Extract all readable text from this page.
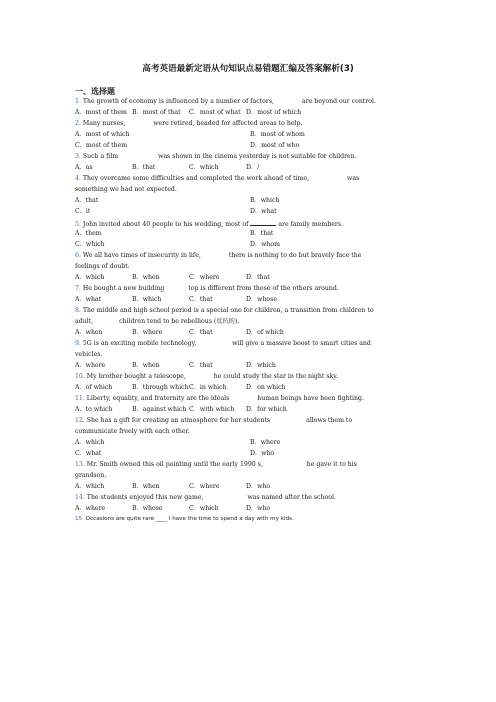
高考英语最新定语从句知识点易错题汇编及答案解析(3)
一、选择题
1. The growth of economy is influenced by a number of factors,	are beyond our control.
A．most of them B．most of that C．most of what D．most of which
2. Many nurses,	were retired, headed for affected areas to help.
A．most of which	B．most of whom
C．most of them	D．most of who
3. Such a film	was shown in the cinema yesterday is not suitable for children.
A．as	B．that	C．which	D．/
4. They overcame some difficulties and completed the work ahead of time,	was
something we had not expected.
A．that	B．which
C．it	D．what
5. John invited about 40 people to his wedding, most of	are family members.
A．them	B．that
C．which	D．whom
6. We all have times of insecurity in life,	there is nothing to do but bravely face the
feelings of doubt.
A．which	B．when	C．where	D．that
7. He bought a new building	top is different from those of the others around.
A．what	B．which	C．that	D．whose
8. The middle and high school period is a special one for children, a transition from children to
adult,	children tend to be rebellious (反抗的).
A．when	B．where	C．that	D．of which
9. 5G is an exciting mobile technology,	will give a massive boost to smart cities and
vehicles.
A．where	B．when	C．that	D．which
10. My brother bought a telescope,	he could study the star in the night sky.
A．of which	B．through which C．in which	D．on which
11. Liberty, equality, and fraternity are the ideals	human beings have been fighting.
A．to which	B．against which C．with which D．for which
12. She has a gift for creating an atmosphere for her students	allows them to
communicate freely with each other.
A．which	B．where
C．what	D．who
13. Mr. Smith owned this oil painting until the early 1990 s,	he gave it to his
grandson.
A．which	B．when	C．where	D．who
14. The students enjoyed this new game,	was named after the school.
A．where	B．whose	C．which	D．who
15. Occasions are quite rare ____ I have the time to spend a day with my kids.
